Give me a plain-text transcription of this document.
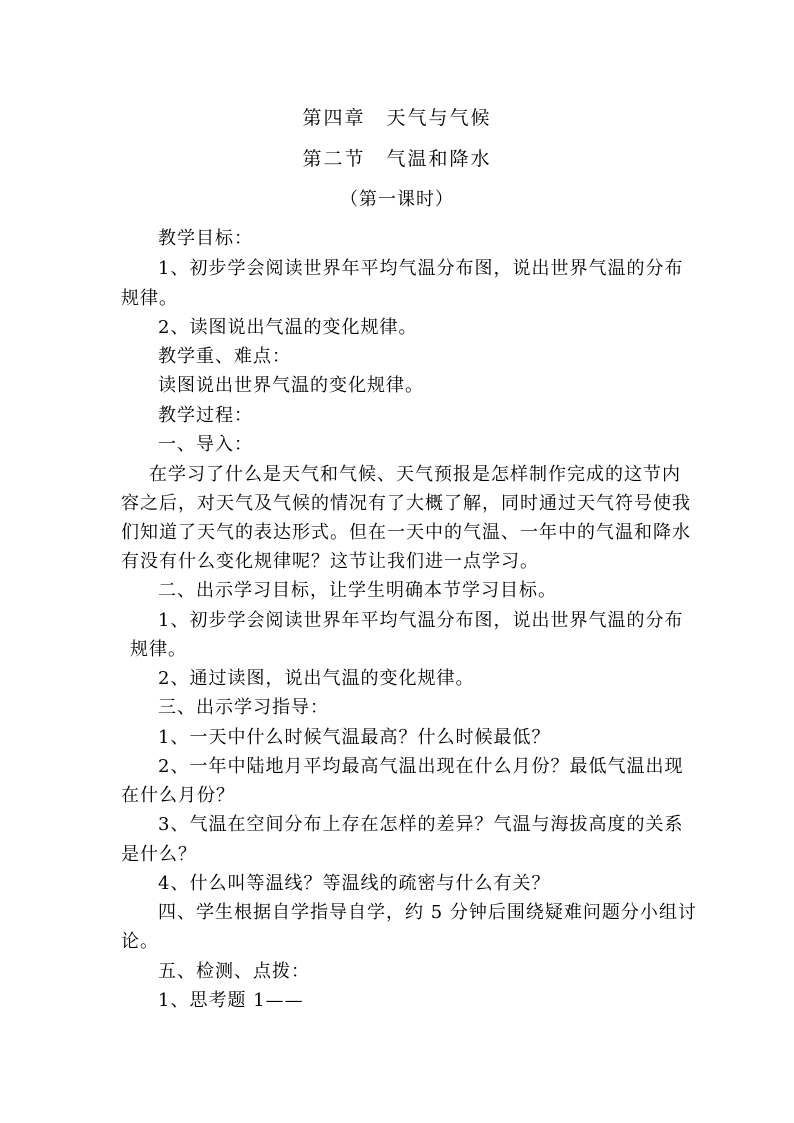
第四章　天气与气候
第二节　气温和降水
（第一课时）
教学目标：
1、初步学会阅读世界年平均气温分布图，说出世界气温的分布
规律。
2、读图说出气温的变化规律。
教学重、难点：
读图说出世界气温的变化规律。
教学过程：
一、导入：
在学习了什么是天气和气候、天气预报是怎样制作完成的这节内
容之后，对天气及气候的情况有了大概了解，同时通过天气符号使我
们知道了天气的表达形式。但在一天中的气温、一年中的气温和降水
有没有什么变化规律呢？这节让我们进一点学习。
二、出示学习目标，让学生明确本节学习目标。
1、初步学会阅读世界年平均气温分布图，说出世界气温的分布
规律。
2、通过读图，说出气温的变化规律。
三、出示学习指导：
1、一天中什么时候气温最高？什么时候最低？
2、一年中陆地月平均最高气温出现在什么月份？最低气温出现
在什么月份？
3、气温在空间分布上存在怎样的差异？气温与海拔高度的关系
是什么？
4、什么叫等温线？等温线的疏密与什么有关？
四、学生根据自学指导自学，约 5 分钟后围绕疑难问题分小组讨
论。
五、检测、点拨：
1、思考题 1——
